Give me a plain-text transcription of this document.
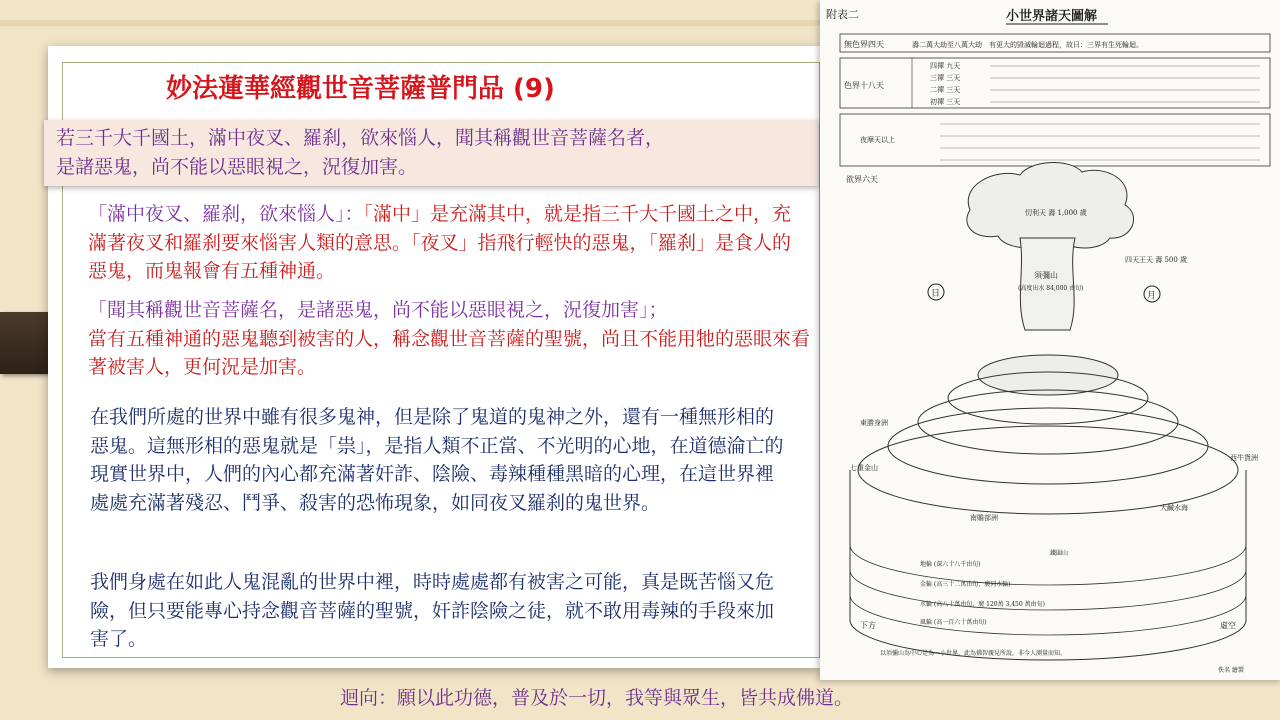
妙法蓮華經觀世音菩薩普門品 (9)
若三千大千國土，滿中夜叉、羅刹，欲來惱人，聞其稱觀世音菩薩名者，
是諸惡鬼，尚不能以惡眼視之，況復加害。

「滿中夜叉、羅刹，欲來惱人」：「滿中」是充滿其中，就是指三千大千國土之中，充滿著夜叉和羅刹要來惱害人類的意思。「夜叉」指飛行輕快的惡鬼，「羅刹」是食人的惡鬼，而鬼報會有五種神通。

「聞其稱觀世音菩薩名，是諸惡鬼，尚不能以惡眼視之，況復加害」；
當有五種神通的惡鬼聽到被害的人，稱念觀世音菩薩的聖號，尚且不能用牠的惡眼來看著被害人，更何況是加害。

在我們所處的世界中雖有很多鬼神，但是除了鬼道的鬼神之外，還有一種無形相的惡鬼。這無形相的惡鬼就是「祟」，是指人類不正當、不光明的心地，在道德淪亡的現實世界中，人們的內心都充滿著奸詐、陰險、毒辣種種黑暗的心理，在這世界裡處處充滿著殘忍、鬥爭、殺害的恐怖現象，如同夜叉羅刹的鬼世界。

我們身處在如此人鬼混亂的世界中裡，時時處處都有被害之可能，真是既苦惱又危險，但只要能專心持念觀音菩薩的聖號，奸詐陰險之徒，就不敢用毒辣的手段來加害了。

迴向：願以此功德，普及於一切，我等與眾生，皆共成佛道。
附表二	小世界諸天圖解
無色界四天	壽二萬大劫至八萬大劫　有更大的毀滅輪迴過程，故曰：三界有生死輪迴。
色界十八天
四禪 九天
三禪 三天
二禪 三天
初禪 三天
夜摩天以上
欲界六天
日	月
忉利天 壽 1,000 歲
須彌山
(高度出水 84,000 由旬)
四天王天 壽 500 歲
東勝身洲
西牛貨洲
南贍部洲
七重金山
大鹹水海
鐵圍山
地輪 (深六十八千由旬)
金輪 (高三十二萬由旬，廣同水輪)
水輪 (高八十萬由旬，廣 120萬 3,450 萬由旬)
風輪 (高一百六十萬由旬)
下方	虛空
以須彌山為中心是為一小世界，此為佛智親見所說，非今人測量而知。
佚名 繪製
